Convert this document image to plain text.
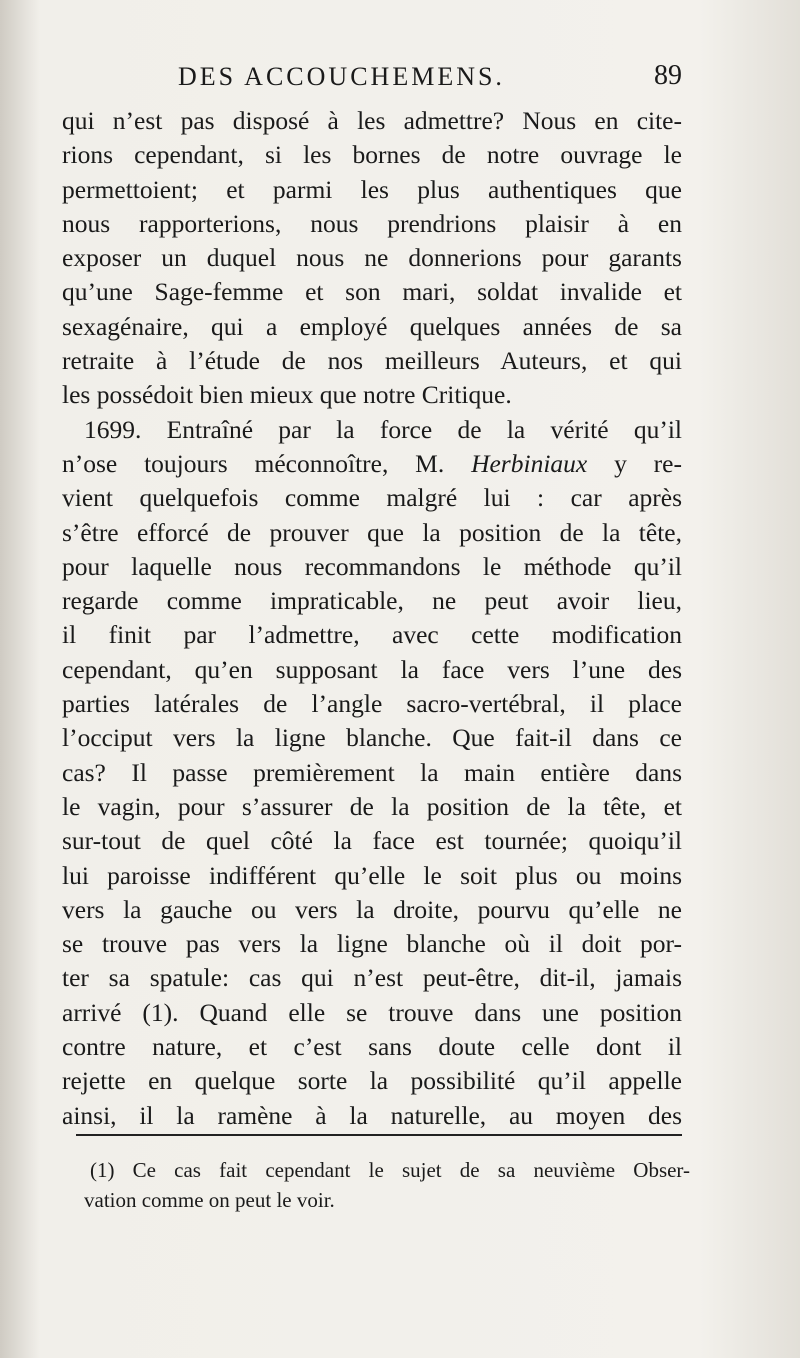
DES ACCOUCHEMENS.	89
qui n’est pas disposé à les admettre? Nous en cite-
rions cependant, si les bornes de notre ouvrage le
permettoient; et parmi les plus authentiques que
nous rapporterions, nous prendrions plaisir à en
exposer un duquel nous ne donnerions pour garants
qu’une Sage-femme et son mari, soldat invalide et
sexagénaire, qui a employé quelques années de sa
retraite à l’étude de nos meilleurs Auteurs, et qui
les possédoit bien mieux que notre Critique.
1699. Entraîné par la force de la vérité qu’il
n’ose toujours méconnoître, M. Herbiniaux y re-
vient quelquefois comme malgré lui : car après
s’être efforcé de prouver que la position de la tête,
pour laquelle nous recommandons le méthode qu’il
regarde comme impraticable, ne peut avoir lieu,
il finit par l’admettre, avec cette modification
cependant, qu’en supposant la face vers l’une des
parties latérales de l’angle sacro-vertébral, il place
l’occiput vers la ligne blanche. Que fait-il dans ce
cas? Il passe premièrement la main entière dans
le vagin, pour s’assurer de la position de la tête, et
sur-tout de quel côté la face est tournée; quoiqu’il
lui paroisse indifférent qu’elle le soit plus ou moins
vers la gauche ou vers la droite, pourvu qu’elle ne
se trouve pas vers la ligne blanche où il doit por-
ter sa spatule: cas qui n’est peut-être, dit-il, jamais
arrivé (1). Quand elle se trouve dans une position
contre nature, et c’est sans doute celle dont il
rejette en quelque sorte la possibilité qu’il appelle
ainsi, il la ramène à la naturelle, au moyen des
(1) Ce cas fait cependant le sujet de sa neuvième Obser-
vation comme on peut le voir.
